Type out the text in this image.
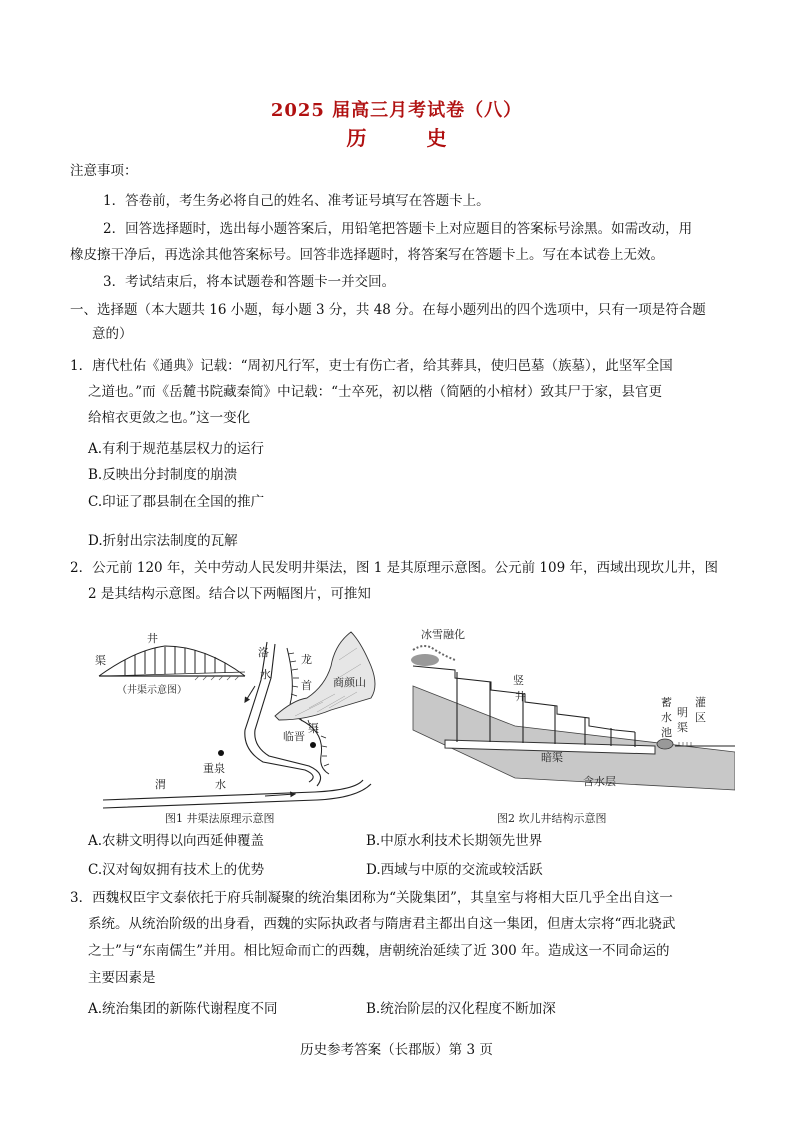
2025 届高三月考试卷（八）
历　史
注意事项：
1．答卷前，考生务必将自己的姓名、准考证号填写在答题卡上。
2．回答选择题时，选出每小题答案后，用铅笔把答题卡上对应题目的答案标号涂黑。如需改动，用
橡皮擦干净后，再选涂其他答案标号。回答非选择题时，将答案写在答题卡上。写在本试卷上无效。
3．考试结束后，将本试题卷和答题卡一并交回。
一、选择题（本大题共 16 小题，每小题 3 分，共 48 分。在每小题列出的四个选项中，只有一项是符合题
意的）
1．唐代杜佑《通典》记载：“周初凡行军，吏士有伤亡者，给其葬具，使归邑墓（族墓），此坚军全国
之道也。”而《岳麓书院藏秦简》中记载：“士卒死，初以楷（简陋的小棺材）致其尸于家，县官更
给棺衣更敛之也。”这一变化
A.有利于规范基层权力的运行
B.反映出分封制度的崩溃
C.印证了郡县制在全国的推广
D.折射出宗法制度的瓦解
2．公元前 120 年，关中劳动人民发明井渠法，图 1 是其原理示意图。公元前 109 年，西域出现坎儿井，图
2 是其结构示意图。结合以下两幅图片，可推知
井
渠
（井渠示意图）
洛
水
龙
首
渠
商颜山
重泉
临晋
渭	水
图1 井渠法原理示意图
冰雪融化
竖
井	蓄
水
池
明
渠
灌
区
暗渠
含水层
图2 坎儿井结构示意图
A.农耕文明得以向西延伸覆盖	B.中原水利技术长期领先世界
C.汉对匈奴拥有技术上的优势	D.西域与中原的交流或较活跃
3．西魏权臣宇文泰依托于府兵制凝聚的统治集团称为“关陇集团”，其皇室与将相大臣几乎全出自这一
系统。从统治阶级的出身看，西魏的实际执政者与隋唐君主都出自这一集团，但唐太宗将“西北骁武
之士”与“东南儒生”并用。相比短命而亡的西魏，唐朝统治延续了近 300 年。造成这一不同命运的
主要因素是
A.统治集团的新陈代谢程度不同	B.统治阶层的汉化程度不断加深
历史参考答案（长郡版）第 3 页
